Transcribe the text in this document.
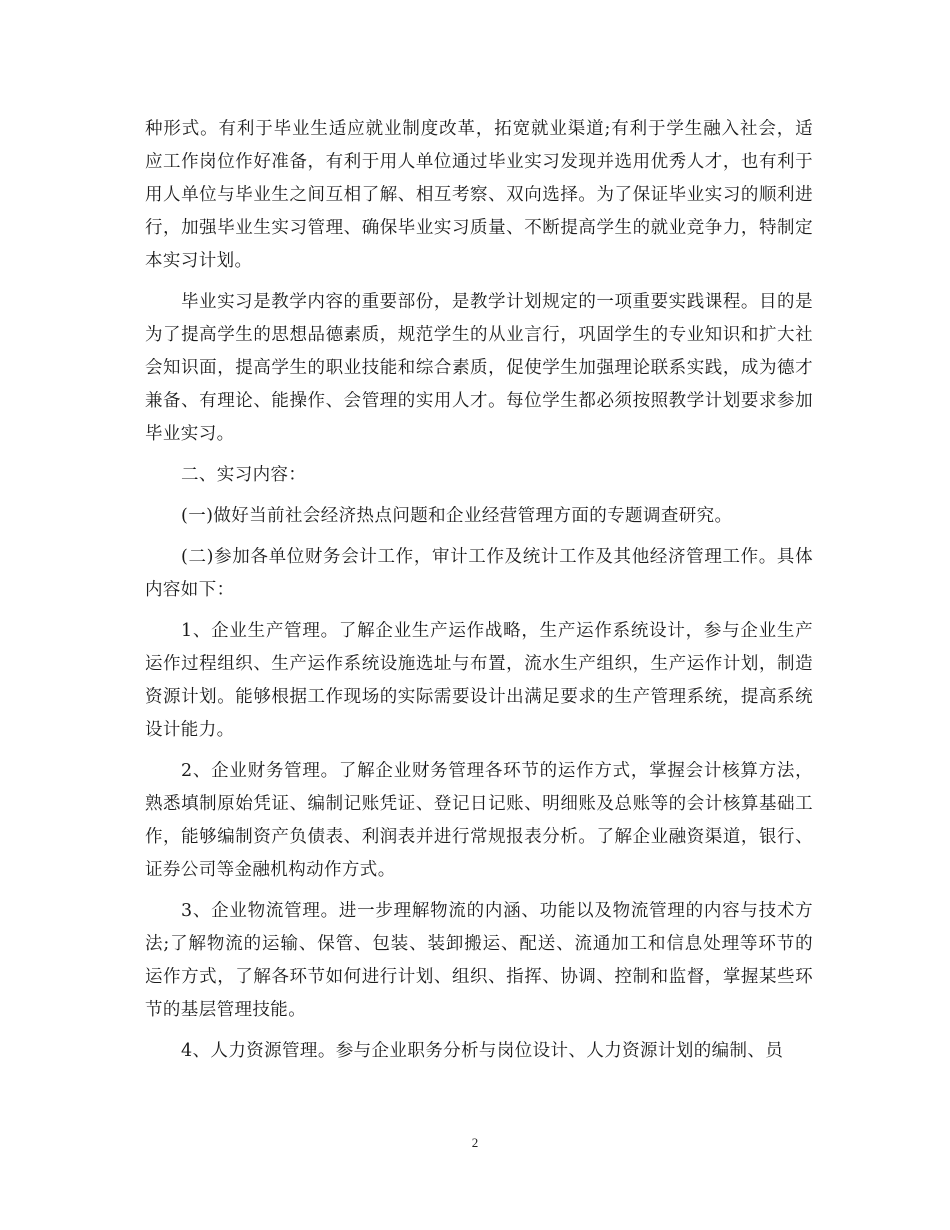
种形式。有利于毕业生适应就业制度改革，拓宽就业渠道;有利于学生融入社会，适应工作岗位作好准备，有利于用人单位通过毕业实习发现并选用优秀人才，也有利于用人单位与毕业生之间互相了解、相互考察、双向选择。为了保证毕业实习的顺利进行，加强毕业生实习管理、确保毕业实习质量、不断提高学生的就业竞争力，特制定本实习计划。

毕业实习是教学内容的重要部份，是教学计划规定的一项重要实践课程。目的是为了提高学生的思想品德素质，规范学生的从业言行，巩固学生的专业知识和扩大社会知识面，提高学生的职业技能和综合素质，促使学生加强理论联系实践，成为德才兼备、有理论、能操作、会管理的实用人才。每位学生都必须按照教学计划要求参加毕业实习。

二、实习内容：

(一)做好当前社会经济热点问题和企业经营管理方面的专题调查研究。

(二)参加各单位财务会计工作，审计工作及统计工作及其他经济管理工作。具体内容如下：

1、企业生产管理。了解企业生产运作战略，生产运作系统设计，参与企业生产运作过程组织、生产运作系统设施选址与布置，流水生产组织，生产运作计划，制造资源计划。能够根据工作现场的实际需要设计出满足要求的生产管理系统，提高系统设计能力。

2、企业财务管理。了解企业财务管理各环节的运作方式，掌握会计核算方法，熟悉填制原始凭证、编制记账凭证、登记日记账、明细账及总账等的会计核算基础工作，能够编制资产负债表、利润表并进行常规报表分析。了解企业融资渠道，银行、证券公司等金融机构动作方式。

3、企业物流管理。进一步理解物流的内涵、功能以及物流管理的内容与技术方法;了解物流的运输、保管、包装、装卸搬运、配送、流通加工和信息处理等环节的运作方式，了解各环节如何进行计划、组织、指挥、协调、控制和监督，掌握某些环节的基层管理技能。

4、人力资源管理。参与企业职务分析与岗位设计、人力资源计划的编制、员

2
